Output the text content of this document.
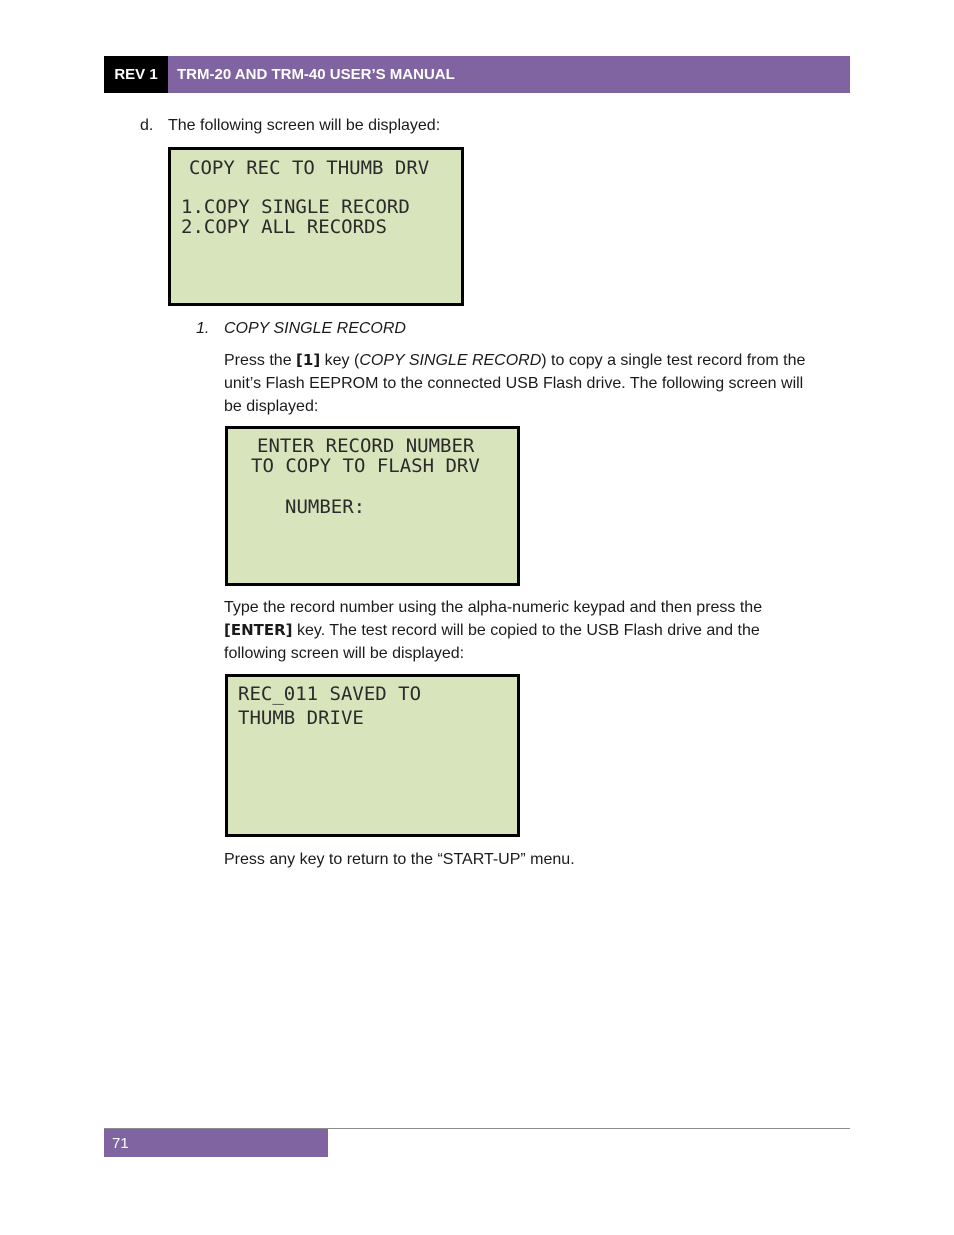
REV 1	TRM-20 AND TRM-40 USER’S MANUAL
d. The following screen will be displayed:

COPY REC TO THUMB DRV

1.COPY SINGLE RECORD

2.COPY ALL RECORDS

1. COPY SINGLE RECORD
Press the [1] key (COPY SINGLE RECORD) to copy a single test record from the
unit’s Flash EEPROM to the connected USB Flash drive. The following screen will
be displayed:

ENTER RECORD NUMBER

TO COPY TO FLASH DRV

NUMBER:

Type the record number using the alpha-numeric keypad and then press the
[ENTER] key. The test record will be copied to the USB Flash drive and the
following screen will be displayed:

REC_011 SAVED TO

THUMB DRIVE

Press any key to return to the “START-UP” menu.
71
